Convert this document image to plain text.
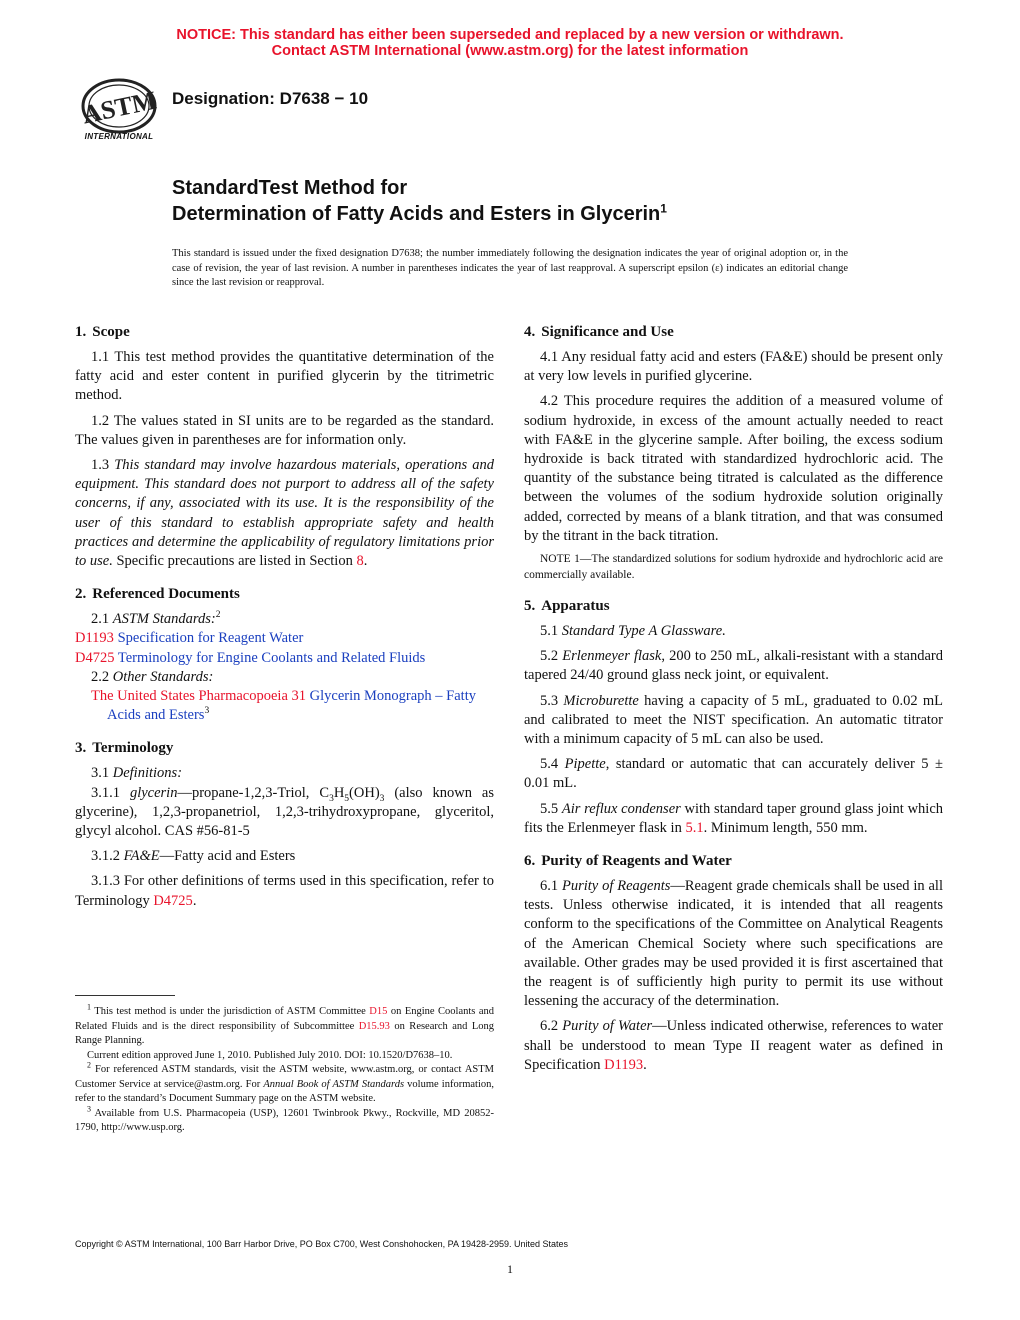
NOTICE: This standard has either been superseded and replaced by a new version or withdrawn.
Contact ASTM International (www.astm.org) for the latest information
ASTM
INTERNATIONAL
Designation: D7638 − 10
StandardTest Method for
Determination of Fatty Acids and Esters in Glycerin$^1$
This standard is issued under the fixed designation D7638; the number immediately following the designation indicates the year of original adoption or, in the case of revision, the year of last revision. A number in parentheses indicates the year of last reapproval. A superscript epsilon (ε) indicates an editorial change since the last revision or reapproval.
1. Scope

1.1 This test method provides the quantitative determination of the fatty acid and ester content in purified glycerin by the titrimetric method.

1.2 The values stated in SI units are to be regarded as the standard. The values given in parentheses are for information only.

1.3 This standard may involve hazardous materials, operations and equipment. This standard does not purport to address all of the safety concerns, if any, associated with its use. It is the responsibility of the user of this standard to establish appropriate safety and health practices and determine the applicability of regulatory limitations prior to use. Specific precautions are listed in Section 8.

2. Referenced Documents

2.1 ASTM Standards:$^2$

D1193 Specification for Reagent Water

D4725 Terminology for Engine Coolants and Related Fluids

2.2 Other Standards:

The United States Pharmacopoeia 31 Glycerin Monograph – Fatty Acids and Esters$^3$

3. Terminology

3.1 Definitions:

3.1.1 glycerin—propane-1,2,3-Triol, $C_3H_5(OH)_3$ (also known as glycerine), 1,2,3-propanetriol, 1,2,3-trihydroxypropane, glyceritol, glycyl alcohol. CAS #56-81-5

3.1.2 FA&E—Fatty acid and Esters

3.1.3 For other definitions of terms used in this specification, refer to Terminology D4725.

4. Significance and Use

4.1 Any residual fatty acid and esters (FA&E) should be present only at very low levels in purified glycerine.

4.2 This procedure requires the addition of a measured volume of sodium hydroxide, in excess of the amount actually needed to react with FA&E in the glycerine sample. After boiling, the excess sodium hydroxide is back titrated with standardized hydrochloric acid. The quantity of the substance being titrated is calculated as the difference between the volumes of the sodium hydroxide solution originally added, corrected by means of a blank titration, and that was consumed by the titrant in the back titration.

NOTE 1—The standardized solutions for sodium hydroxide and hydrochloric acid are commercially available.
5. Apparatus

5.1 Standard Type A Glassware.

5.2 Erlenmeyer flask, 200 to 250 mL, alkali-resistant with a standard tapered 24/40 ground glass neck joint, or equivalent.

5.3 Microburette having a capacity of 5 mL, graduated to 0.02 mL and calibrated to meet the NIST specification. An automatic titrator with a minimum capacity of 5 mL can also be used.

5.4 Pipette, standard or automatic that can accurately deliver 5 ± 0.01 mL.

5.5 Air reflux condenser with standard taper ground glass joint which fits the Erlenmeyer flask in 5.1. Minimum length, 550 mm.

6. Purity of Reagents and Water

6.1 Purity of Reagents—Reagent grade chemicals shall be used in all tests. Unless otherwise indicated, it is intended that all reagents conform to the specifications of the Committee on Analytical Reagents of the American Chemical Society where such specifications are available. Other grades may be used provided it is first ascertained that the reagent is of sufficiently high purity to permit its use without lessening the accuracy of the determination.

6.2 Purity of Water—Unless indicated otherwise, references to water shall be understood to mean Type II reagent water as defined in Specification D1193.

$^1$ This test method is under the jurisdiction of ASTM Committee D15 on Engine Coolants and Related Fluids and is the direct responsibility of Subcommittee D15.93 on Research and Long Range Planning.

Current edition approved June 1, 2010. Published July 2010. DOI: 10.1520/D7638–10.

$^2$ For referenced ASTM standards, visit the ASTM website, www.astm.org, or contact ASTM Customer Service at service@astm.org. For Annual Book of ASTM Standards volume information, refer to the standard’s Document Summary page on the ASTM website.

$^3$ Available from U.S. Pharmacopeia (USP), 12601 Twinbrook Pkwy., Rockville, MD 20852-1790, http://www.usp.org.

Copyright © ASTM International, 100 Barr Harbor Drive, PO Box C700, West Conshohocken, PA 19428-2959. United States
1
